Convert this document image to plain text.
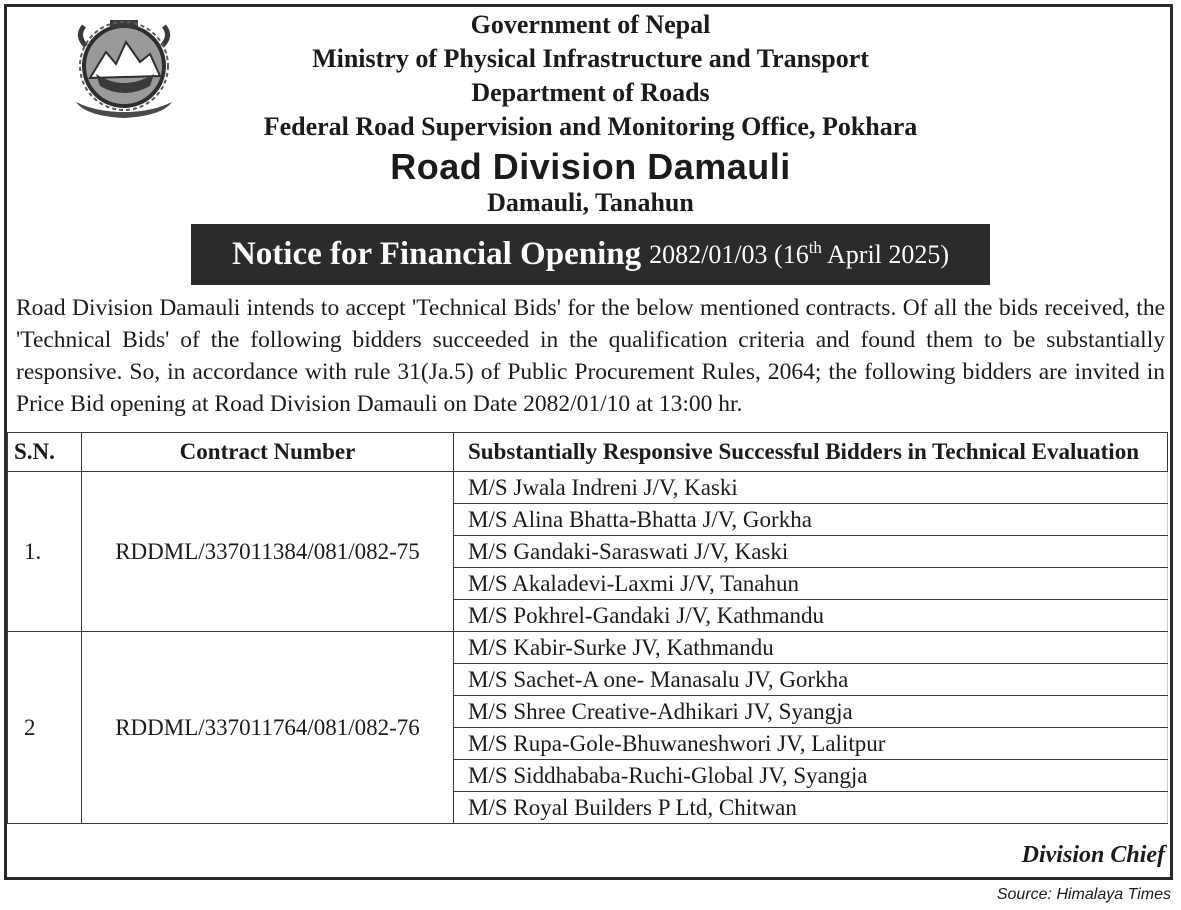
Government of Nepal
Ministry of Physical Infrastructure and Transport
Department of Roads
Federal Road Supervision and Monitoring Office, Pokhara
Road Division Damauli
Damauli, Tanahun
Notice for Financial Opening 2082/01/03 (16th April 2025)

Road Division Damauli intends to accept 'Technical Bids' for the below mentioned contracts. Of all the bids received, the 'Technical Bids' of the following bidders succeeded in the qualification criteria and found them to be substantially responsive. So, in accordance with rule 31(Ja.5) of Public Procurement Rules, 2064; the following bidders are invited in Price Bid opening at Road Division Damauli on Date 2082/01/10 at 13:00 hr.

S.N.	Contract Number	Substantially Responsive Successful Bidders in Technical Evaluation
1.	RDDML/337011384/081/082-75	M/S Jwala Indreni J/V, Kaski
		M/S Alina Bhatta-Bhatta J/V, Gorkha
		M/S Gandaki-Saraswati J/V, Kaski
		M/S Akaladevi-Laxmi J/V, Tanahun
		M/S Pokhrel-Gandaki J/V, Kathmandu
2	RDDML/337011764/081/082-76	M/S Kabir-Surke JV, Kathmandu
		M/S Sachet-A one- Manasalu JV, Gorkha
		M/S Shree Creative-Adhikari JV, Syangja
		M/S Rupa-Gole-Bhuwaneshwori JV, Lalitpur
		M/S Siddhababa-Ruchi-Global JV, Syangja
		M/S Royal Builders P Ltd, Chitwan
Division Chief
Source: Himalaya Times
